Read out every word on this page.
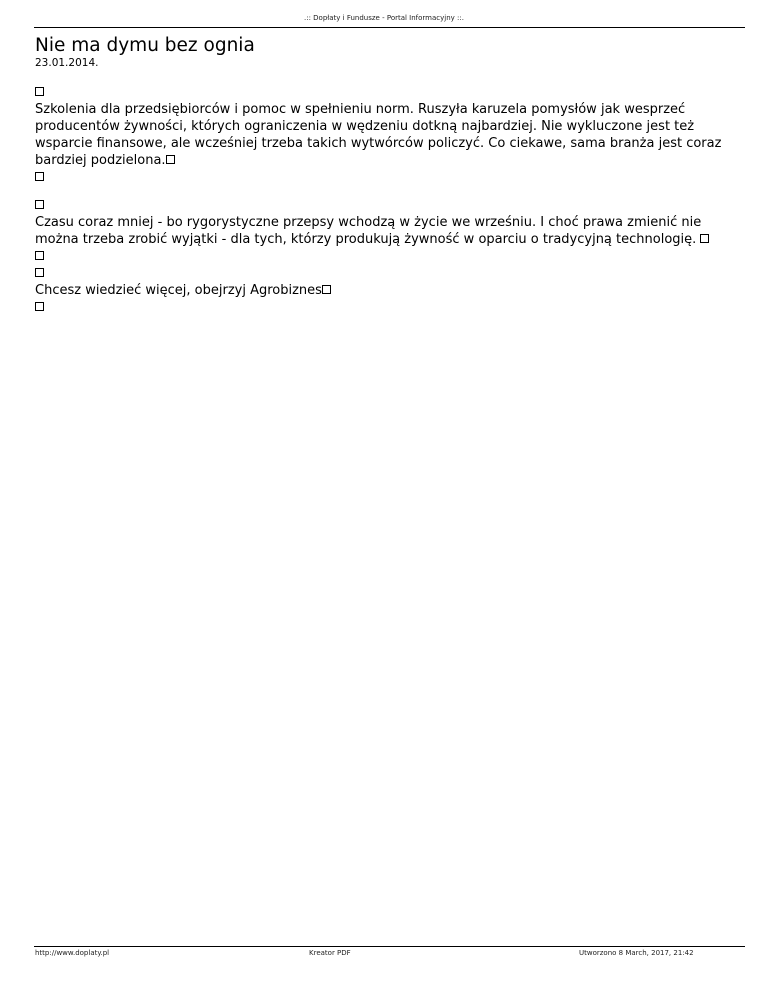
.:: Dopłaty i Fundusze - Portal Informacyjny ::.
Nie ma dymu bez ognia
23.01.2014.
Szkolenia dla przedsiębiorców i pomoc w spełnieniu norm. Ruszyła karuzela pomysłów jak wesprzeć producentów żywności, których ograniczenia w wędzeniu dotkną najbardziej. Nie wykluczone jest też wsparcie finansowe, ale wcześniej trzeba takich wytwórców policzyć. Co ciekawe, sama branża jest coraz bardziej podzielona.
Czasu coraz mniej - bo rygorystyczne przepsy wchodzą w życie we wrześniu. I choć prawa zmienić nie można trzeba zrobić wyjątki - dla tych, którzy produkują żywność w oparciu o tradycyjną technologię.
Chcesz wiedzieć więcej, obejrzyj Agrobiznes
http://www.doplaty.pl	Kreator PDF	Utworzono 8 March, 2017, 21:42
